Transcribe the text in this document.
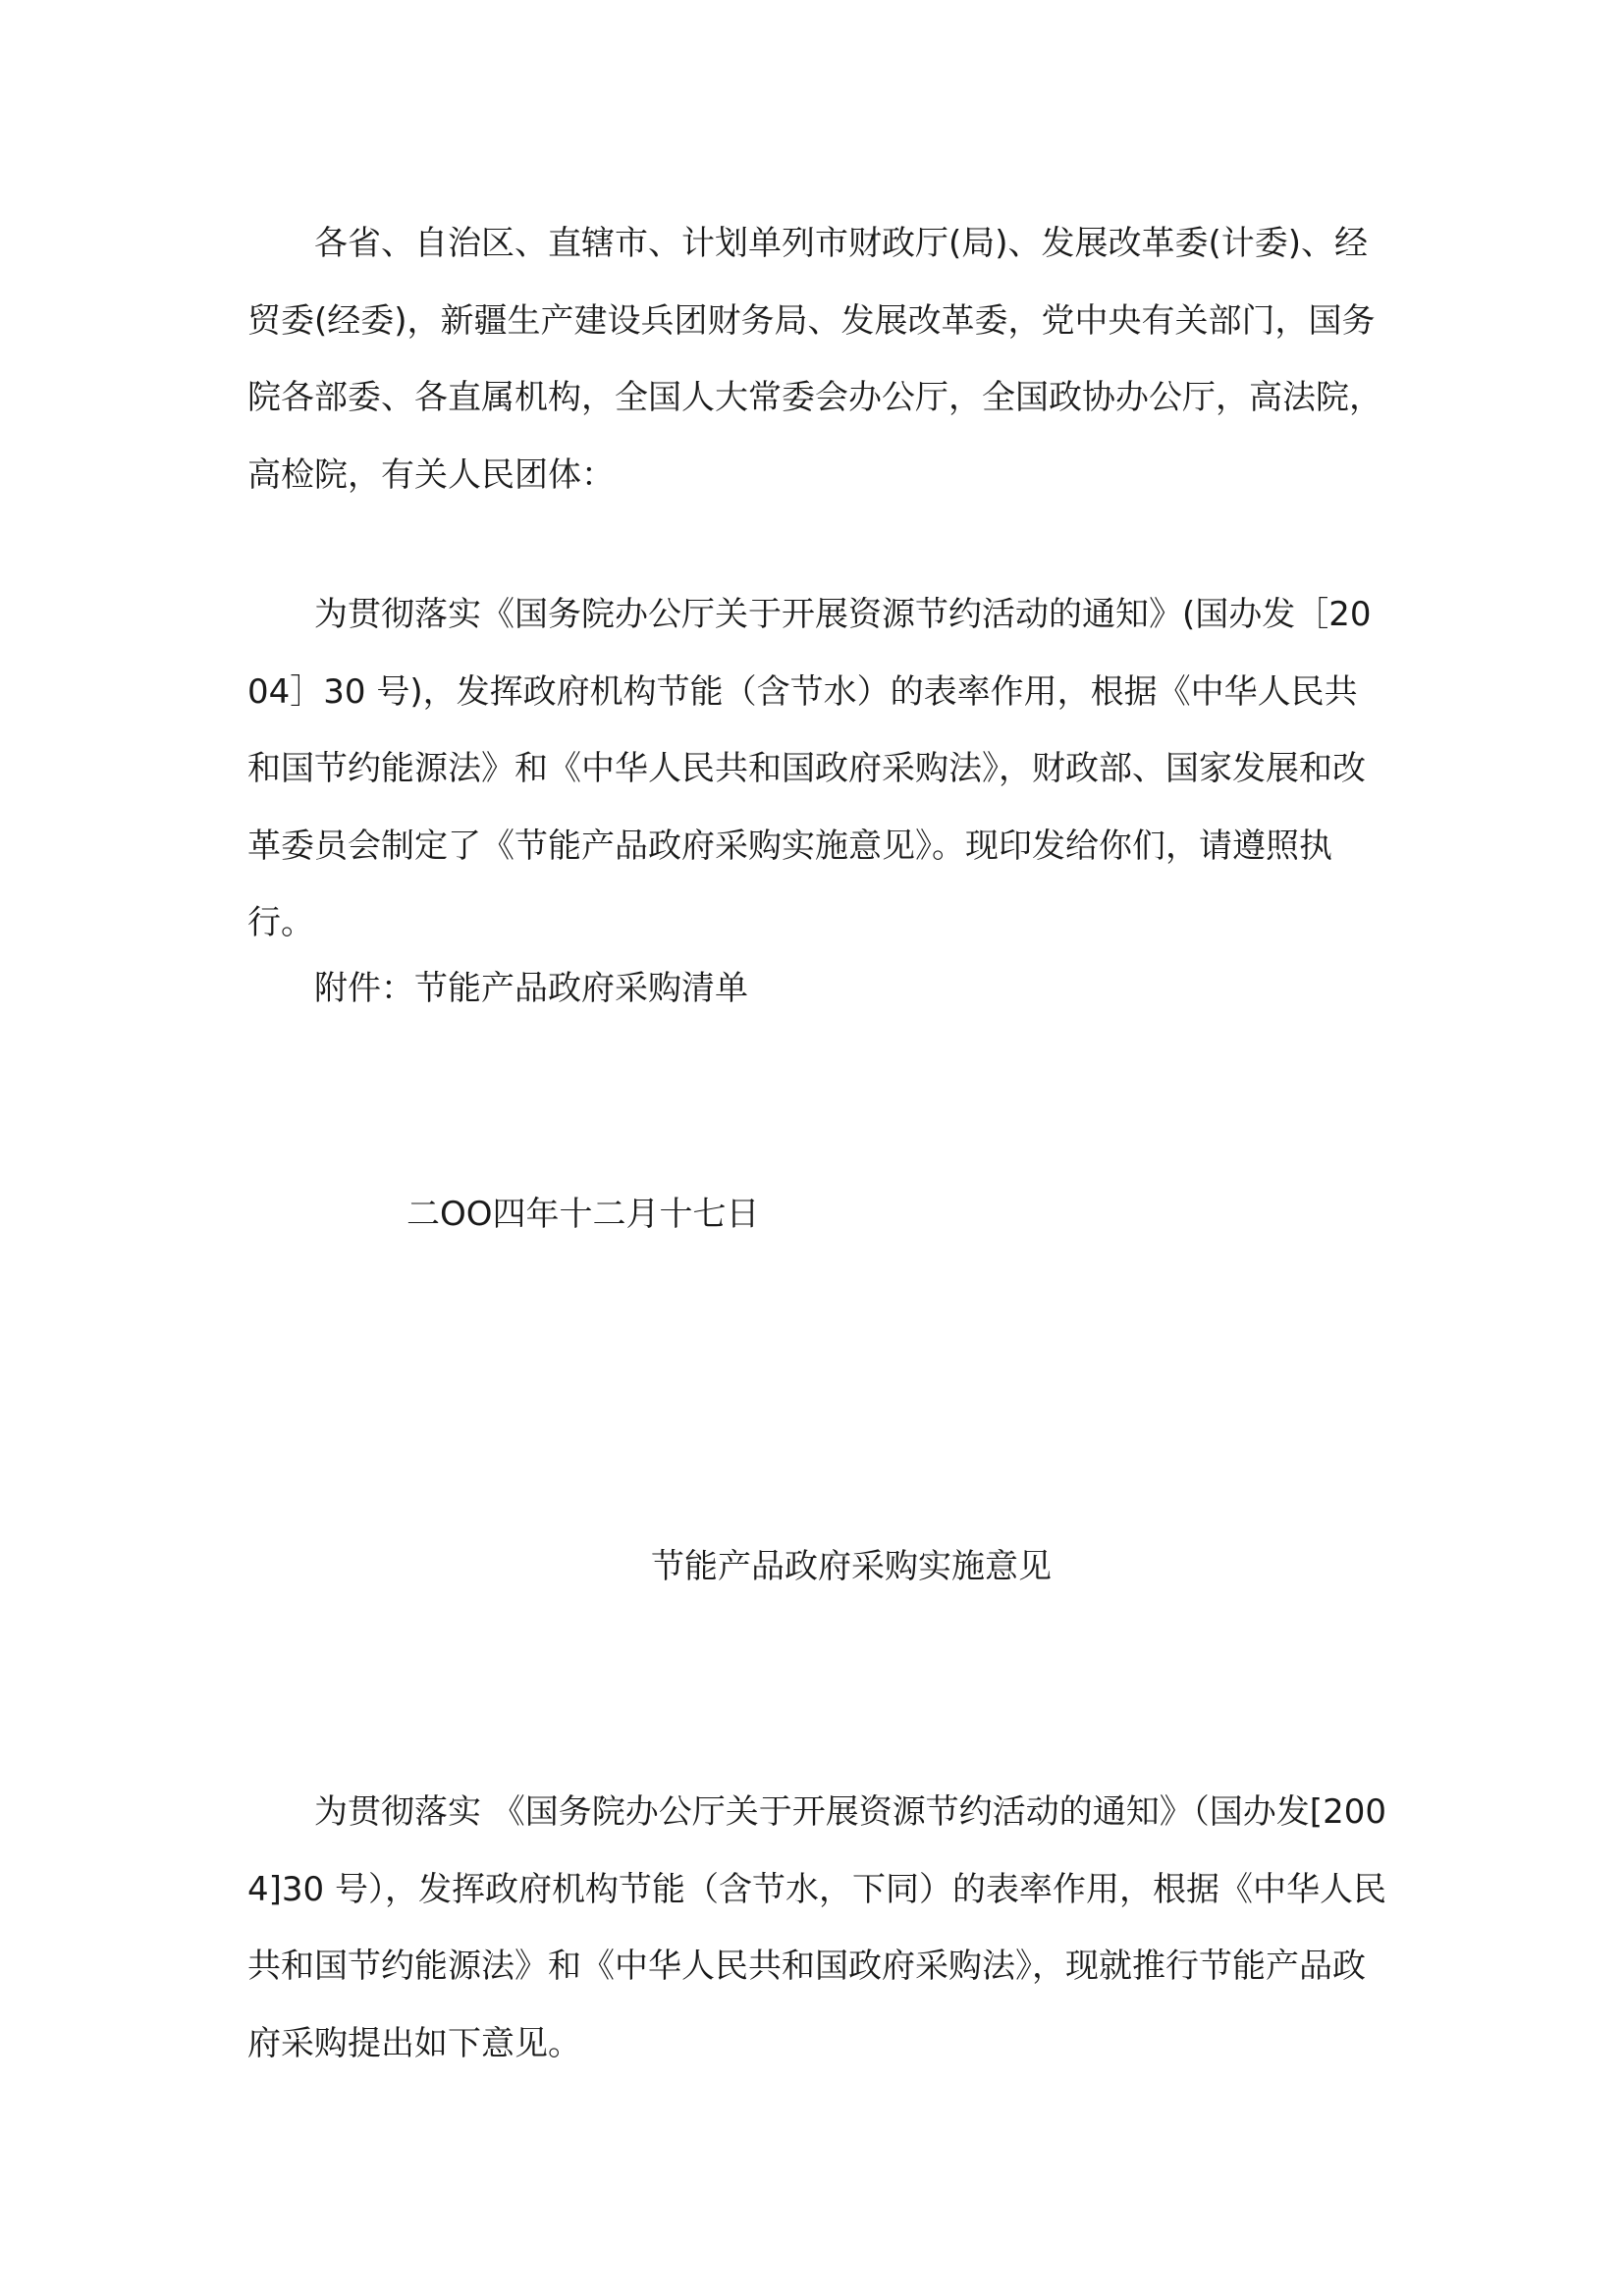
各省、自治区、直辖市、计划单列市财政厅(局)、发展改革委(计委)、经贸委(经委)，新疆生产建设兵团财务局、发展改革委，党中央有关部门，国务院各部委、各直属机构，全国人大常委会办公厅，全国政协办公厅，高法院，高检院，有关人民团体：

为贯彻落实《国务院办公厅关于开展资源节约活动的通知》(国办发［2004］30 号)，发挥政府机构节能（含节水）的表率作用，根据《中华人民共和国节约能源法》和《中华人民共和国政府采购法》，财政部、国家发展和改革委员会制定了《节能产品政府采购实施意见》。现印发给你们，请遵照执行。

附件：节能产品政府采购清单

二OO四年十二月十七日

节能产品政府采购实施意见

为贯彻落实 《国务院办公厅关于开展资源节约活动的通知》（国办发[2004]30 号），发挥政府机构节能（含节水，下同）的表率作用，根据《中华人民共和国节约能源法》和《中华人民共和国政府采购法》，现就推行节能产品政府采购提出如下意见。
